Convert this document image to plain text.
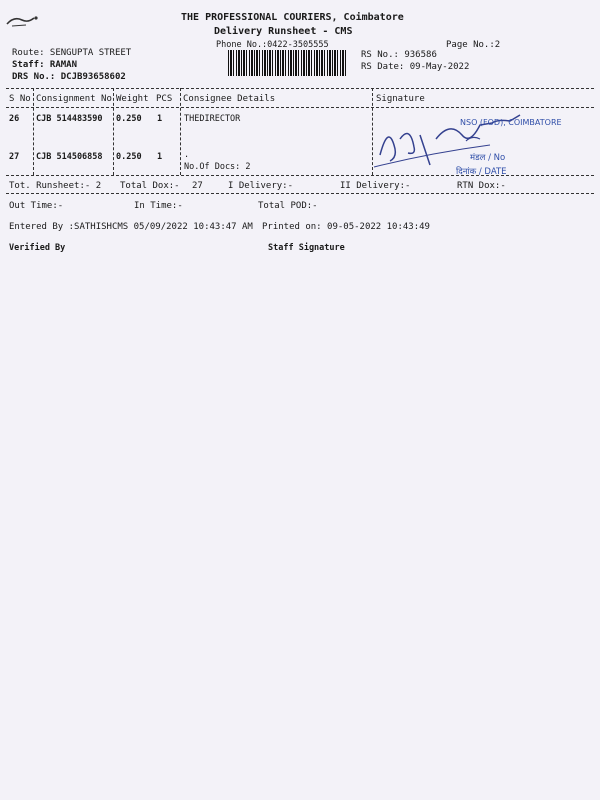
THE PROFESSIONAL COURIERS, Coimbatore
Delivery Runsheet - CMS
Phone No.:0422-3505555	Page No.:2
Route: SENGUPTA STREET
Staff: RAMAN
DRS No.: DCJB93658602
RS No.: 936586
RS Date: 09-May-2022
S No Consignment No Weight PCS Consignee Details	Signature
26 CJB 514483590 0.250 1	THEDIRECTOR
27 CJB 514506858 0.250 1	.
No.Of Docs: 2
NSO (FOD), COIMBATORE
मंडल / No
दिनांक / DATE
Tot. Runsheet:- 2 Total Dox:- 27	I Delivery:-	II Delivery:-	RTN Dox:-
Out Time:-	In Time:-	Total POD:-
Entered By :SATHISHCMS 05/09/2022 10:43:47 AM Printed on: 09-05-2022 10:43:49
Verified By	Staff Signature
